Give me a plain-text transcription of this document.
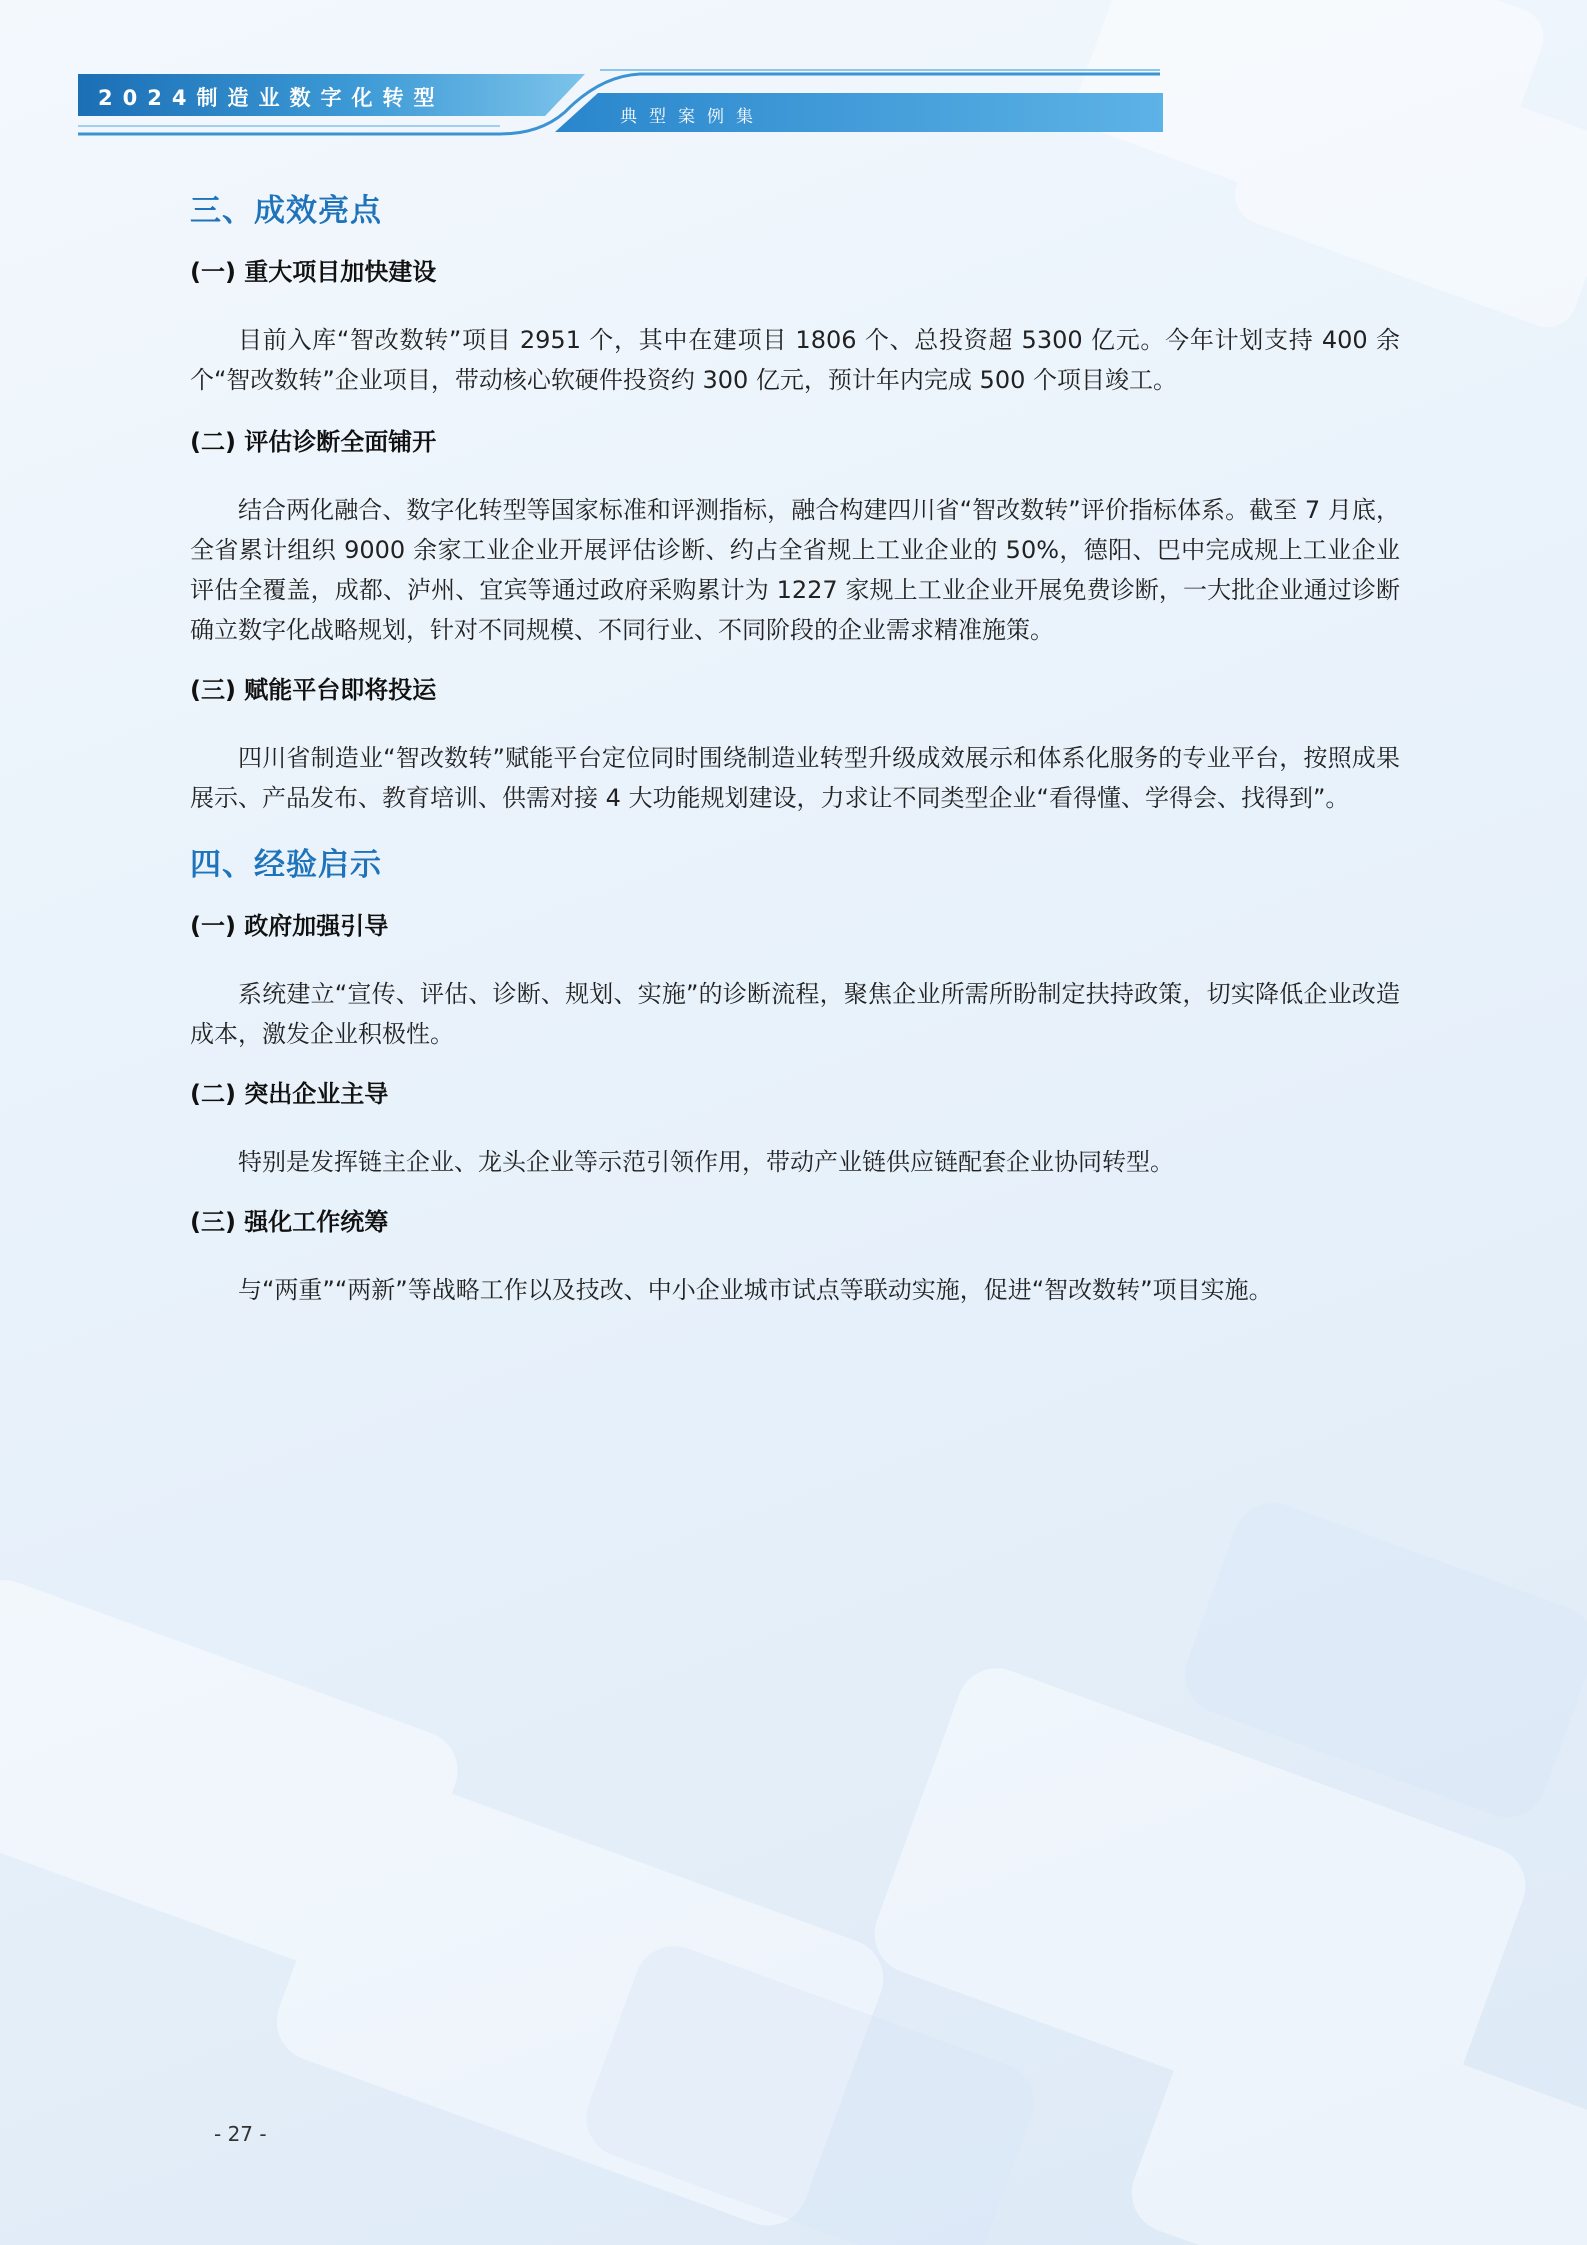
2024制造业数字化转型
典型案例集
三、成效亮点
(一) 重大项目加快建设

目前入库“智改数转”项目 2951 个，其中在建项目 1806 个、总投资超 5300 亿元。今年计划支持 400 余个“智改数转”企业项目，带动核心软硬件投资约 300 亿元，预计年内完成 500 个项目竣工。

(二) 评估诊断全面铺开

结合两化融合、数字化转型等国家标准和评测指标，融合构建四川省“智改数转”评价指标体系。截至 7 月底，全省累计组织 9000 余家工业企业开展评估诊断、约占全省规上工业企业的 50%，德阳、巴中完成规上工业企业评估全覆盖，成都、泸州、宜宾等通过政府采购累计为 1227 家规上工业企业开展免费诊断，一大批企业通过诊断确立数字化战略规划，针对不同规模、不同行业、不同阶段的企业需求精准施策。

(三) 赋能平台即将投运

四川省制造业“智改数转”赋能平台定位同时围绕制造业转型升级成效展示和体系化服务的专业平台，按照成果展示、产品发布、教育培训、供需对接 4 大功能规划建设，力求让不同类型企业“看得懂、学得会、找得到”。

四、经验启示
(一) 政府加强引导

系统建立“宣传、评估、诊断、规划、实施”的诊断流程，聚焦企业所需所盼制定扶持政策，切实降低企业改造成本，激发企业积极性。

(二) 突出企业主导

特别是发挥链主企业、龙头企业等示范引领作用，带动产业链供应链配套企业协同转型。

(三) 强化工作统筹

与“两重”“两新”等战略工作以及技改、中小企业城市试点等联动实施，促进“智改数转”项目实施。

- 27 -
